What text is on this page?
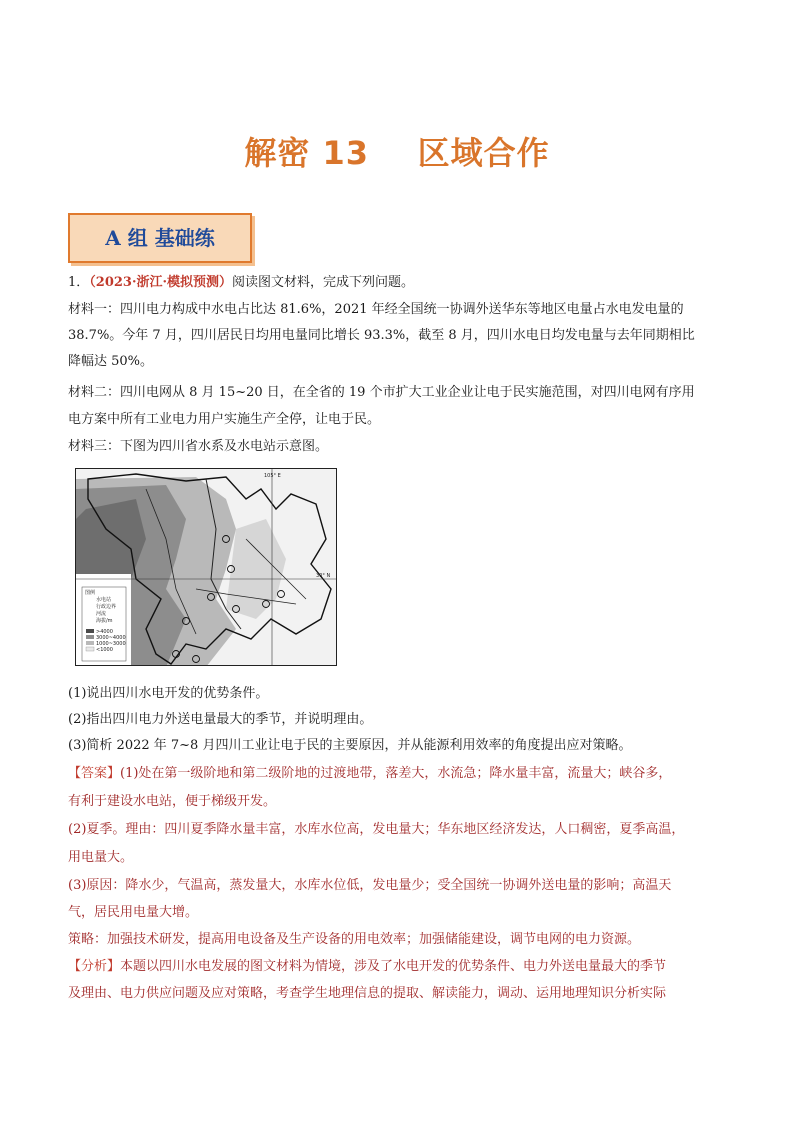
解密 13    区域合作
A 组 基础练
1．（2023·浙江·模拟预测）阅读图文材料，完成下列问题。
材料一：四川电力构成中水电占比达 81.6%，2021 年经全国统一协调外送华东等地区电量占水电发电量的
38.7%。今年 7 月，四川居民日均用电量同比增长 93.3%，截至 8 月，四川水电日均发电量与去年同期相比
降幅达 50%。
材料二：四川电网从 8 月 15~20 日，在全省的 19 个市扩大工业企业让电于民实施范围，对四川电网有序用
电方案中所有工业电力用户实施生产全停，让电于民。
材料三：下图为四川省水系及水电站示意图。
图例
水电站
行政边界
河流
海拔/m
>4000
3000~4000
1000~3000
<1000
105° E
30° N
(1)说出四川水电开发的优势条件。
(2)指出四川电力外送电量最大的季节，并说明理由。
(3)简析 2022 年 7~8 月四川工业让电于民的主要原因，并从能源利用效率的角度提出应对策略。
【答案】(1)处在第一级阶地和第二级阶地的过渡地带，落差大，水流急；降水量丰富，流量大；峡谷多，
有利于建设水电站，便于梯级开发。
(2)夏季。理由：四川夏季降水量丰富，水库水位高，发电量大；华东地区经济发达，人口稠密，夏季高温，
用电量大。
(3)原因：降水少，气温高，蒸发量大，水库水位低，发电量少；受全国统一协调外送电量的影响；高温天
气，居民用电量大增。
策略：加强技术研发，提高用电设备及生产设备的用电效率；加强储能建设，调节电网的电力资源。
【分析】本题以四川水电发展的图文材料为情境，涉及了水电开发的优势条件、电力外送电量最大的季节
及理由、电力供应问题及应对策略，考查学生地理信息的提取、解读能力，调动、运用地理知识分析实际
